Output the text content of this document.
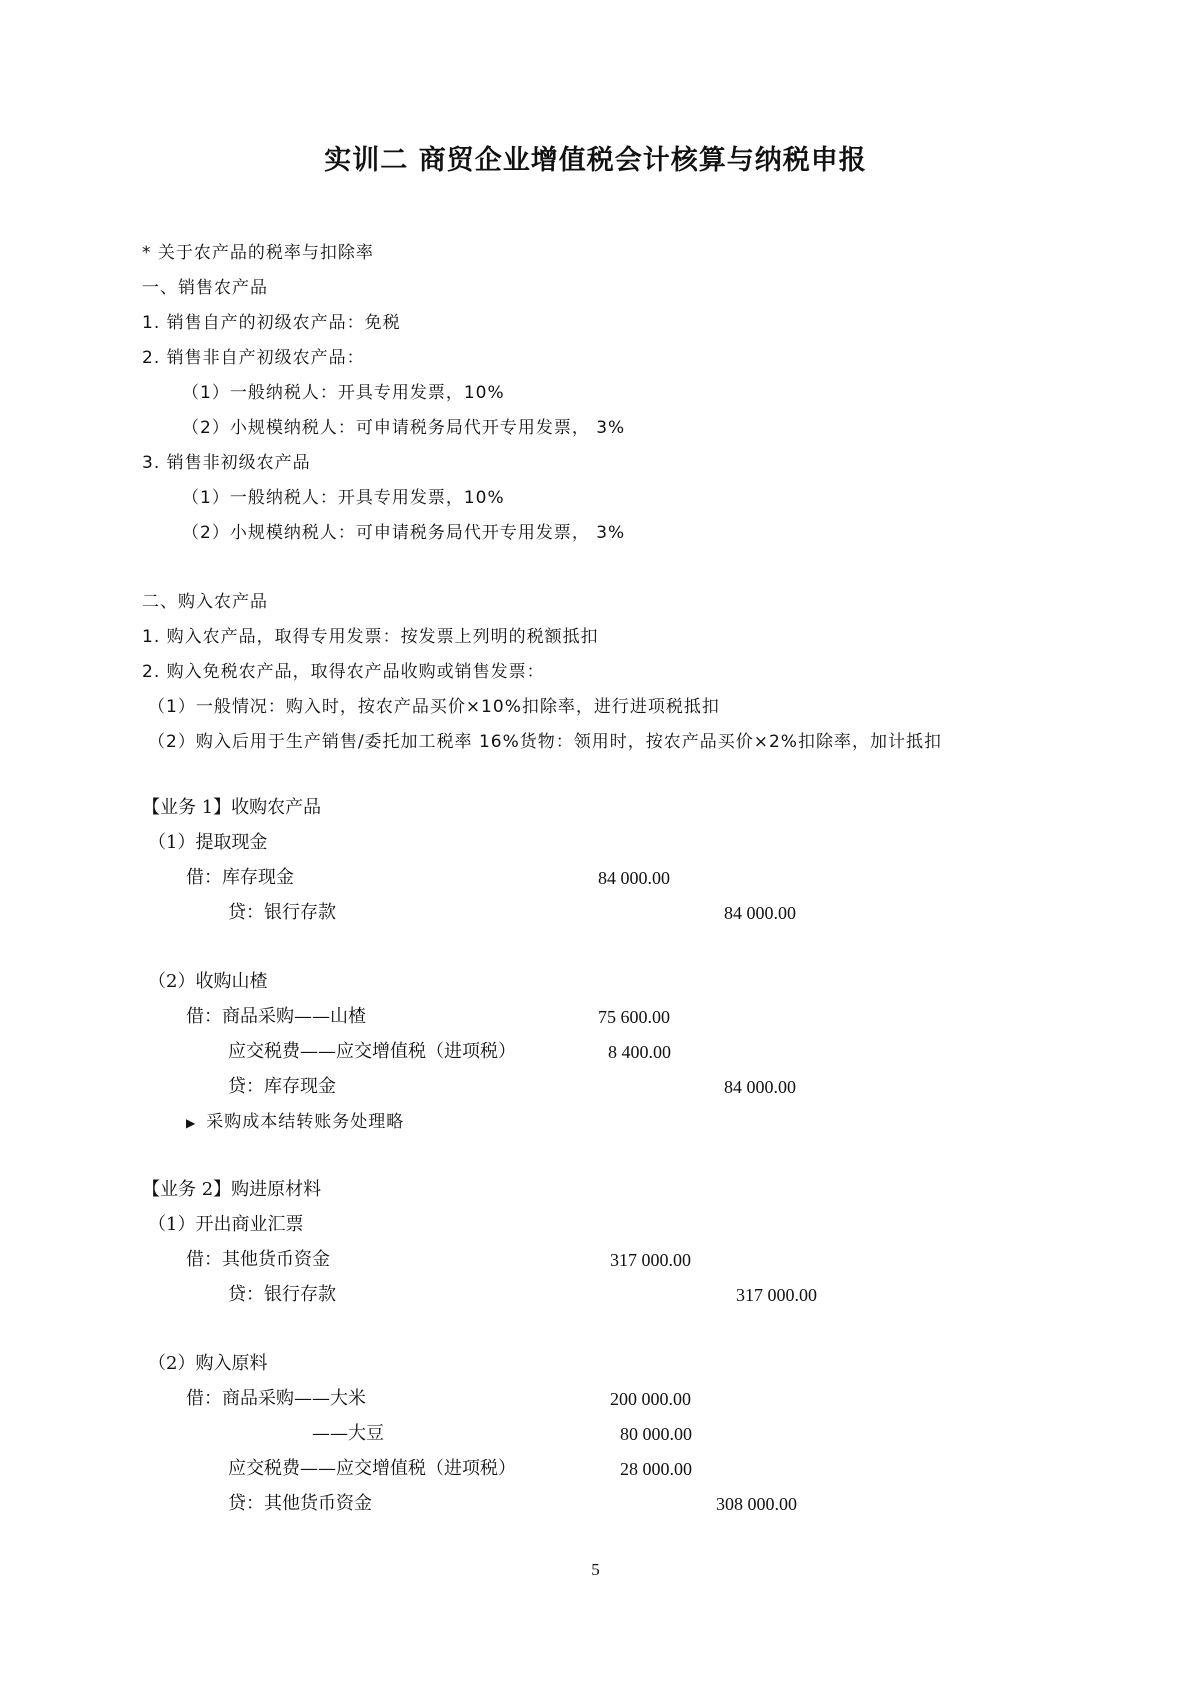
实训二 商贸企业增值税会计核算与纳税申报
* 关于农产品的税率与扣除率
一、销售农产品
1. 销售自产的初级农产品：免税
2. 销售非自产初级农产品：
（1）一般纳税人：开具专用发票，10%
（2）小规模纳税人：可申请税务局代开专用发票， 3%
3. 销售非初级农产品
（1）一般纳税人：开具专用发票，10%
（2）小规模纳税人：可申请税务局代开专用发票， 3%
二、购入农产品
1. 购入农产品，取得专用发票：按发票上列明的税额抵扣
2. 购入免税农产品，取得农产品收购或销售发票：
（1）一般情况：购入时，按农产品买价×10%扣除率，进行进项税抵扣
（2）购入后用于生产销售/委托加工税率 16%货物：领用时，按农产品买价×2%扣除率，加计抵扣
【业务 1】收购农产品
（1）提取现金
借：库存现金	84 000.00
贷：银行存款	84 000.00
（2）收购山楂
借：商品采购——山楂	75 600.00
应交税费——应交增值税（进项税）	8 400.00
贷：库存现金	84 000.00
▶ 采购成本结转账务处理略
【业务 2】购进原材料
（1）开出商业汇票
借：其他货币资金	317 000.00
贷：银行存款	317 000.00
（2）购入原料
借：商品采购——大米	200 000.00
——大豆	80 000.00
应交税费——应交增值税（进项税）	28 000.00
贷：其他货币资金	308 000.00
5
